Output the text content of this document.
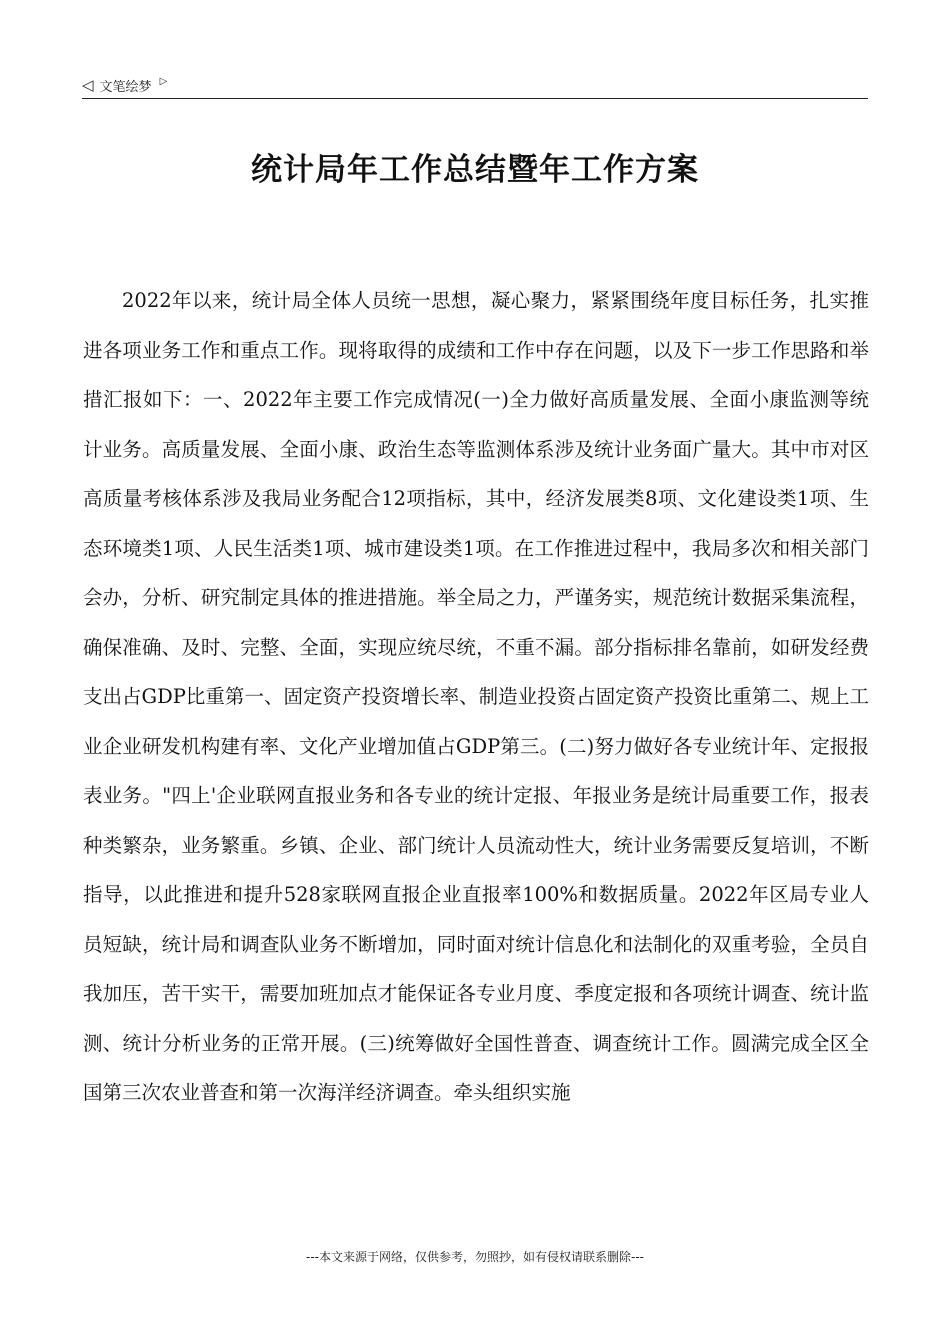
◁ 文笔绘梦 ▷
统计局年工作总结暨年工作方案

2022年以来，统计局全体人员统一思想，凝心聚力，紧紧围绕年度目标任务，扎实推进各项业务工作和重点工作。现将取得的成绩和工作中存在问题，以及下一步工作思路和举措汇报如下：一、2022年主要工作完成情况(一)全力做好高质量发展、全面小康监测等统计业务。高质量发展、全面小康、政治生态等监测体系涉及统计业务面广量大。其中市对区高质量考核体系涉及我局业务配合12项指标，其中，经济发展类8项、文化建设类1项、生态环境类1项、人民生活类1项、城市建设类1项。在工作推进过程中，我局多次和相关部门会办，分析、研究制定具体的推进措施。举全局之力，严谨务实，规范统计数据采集流程，确保准确、及时、完整、全面，实现应统尽统，不重不漏。部分指标排名靠前，如研发经费支出占GDP比重第一、固定资产投资增长率、制造业投资占固定资产投资比重第二、规上工业企业研发机构建有率、文化产业增加值占GDP第三。(二)努力做好各专业统计年、定报报表业务。"四上'企业联网直报业务和各专业的统计定报、年报业务是统计局重要工作，报表种类繁杂，业务繁重。乡镇、企业、部门统计人员流动性大，统计业务需要反复培训，不断指导，以此推进和提升528家联网直报企业直报率100%和数据质量。2022年区局专业人员短缺，统计局和调查队业务不断增加，同时面对统计信息化和法制化的双重考验，全员自我加压，苦干实干，需要加班加点才能保证各专业月度、季度定报和各项统计调查、统计监测、统计分析业务的正常开展。(三)统筹做好全国性普查、调查统计工作。圆满完成全区全国第三次农业普查和第一次海洋经济调查。牵头组织实施

---本文来源于网络，仅供参考，勿照抄，如有侵权请联系删除---
